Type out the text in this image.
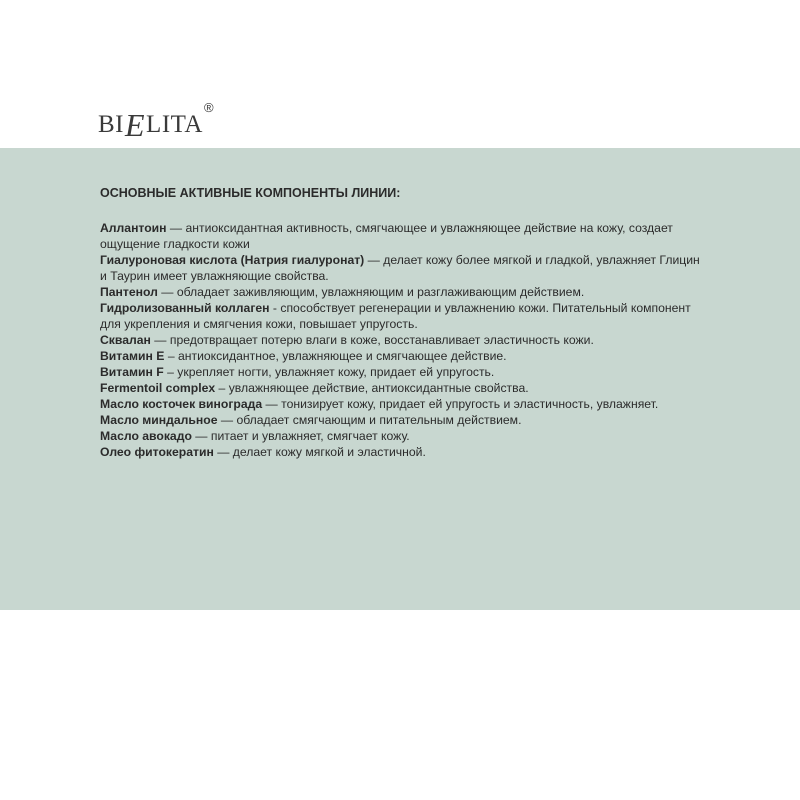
BI E LITA
®
ОСНОВНЫЕ АКТИВНЫЕ КОМПОНЕНТЫ ЛИНИИ:
Аллантоин — антиоксидантная активность, смягчающее и увлажняющее действие на кожу, создает ощущение гладкости кожи
Гиалуроновая кислота (Натрия гиалуронат) — делает кожу более мягкой и гладкой, увлажняет Глицин и Таурин имеет увлажняющие свойства.
Пантенол — обладает заживляющим, увлажняющим и разглаживающим действием.
Гидролизованный коллаген - способствует регенерации и увлажнению кожи. Питательный компонент для укрепления и смягчения кожи, повышает упругость.
Сквалан — предотвращает потерю влаги в коже, восстанавливает эластичность кожи.
Витамин Е – антиоксидантное, увлажняющее и смягчающее действие.
Витамин F – укрепляет ногти, увлажняет кожу, придает ей упругость.
Fermentoil complex – увлажняющее действие, антиоксидантные свойства.
Масло косточек винограда — тонизирует кожу, придает ей упругость и эластичность, увлажняет.
Масло миндальное — обладает смягчающим и питательным действием.
Масло авокадо — питает и увлажняет, смягчает кожу.
Олео фитокератин — делает кожу мягкой и эластичной.
